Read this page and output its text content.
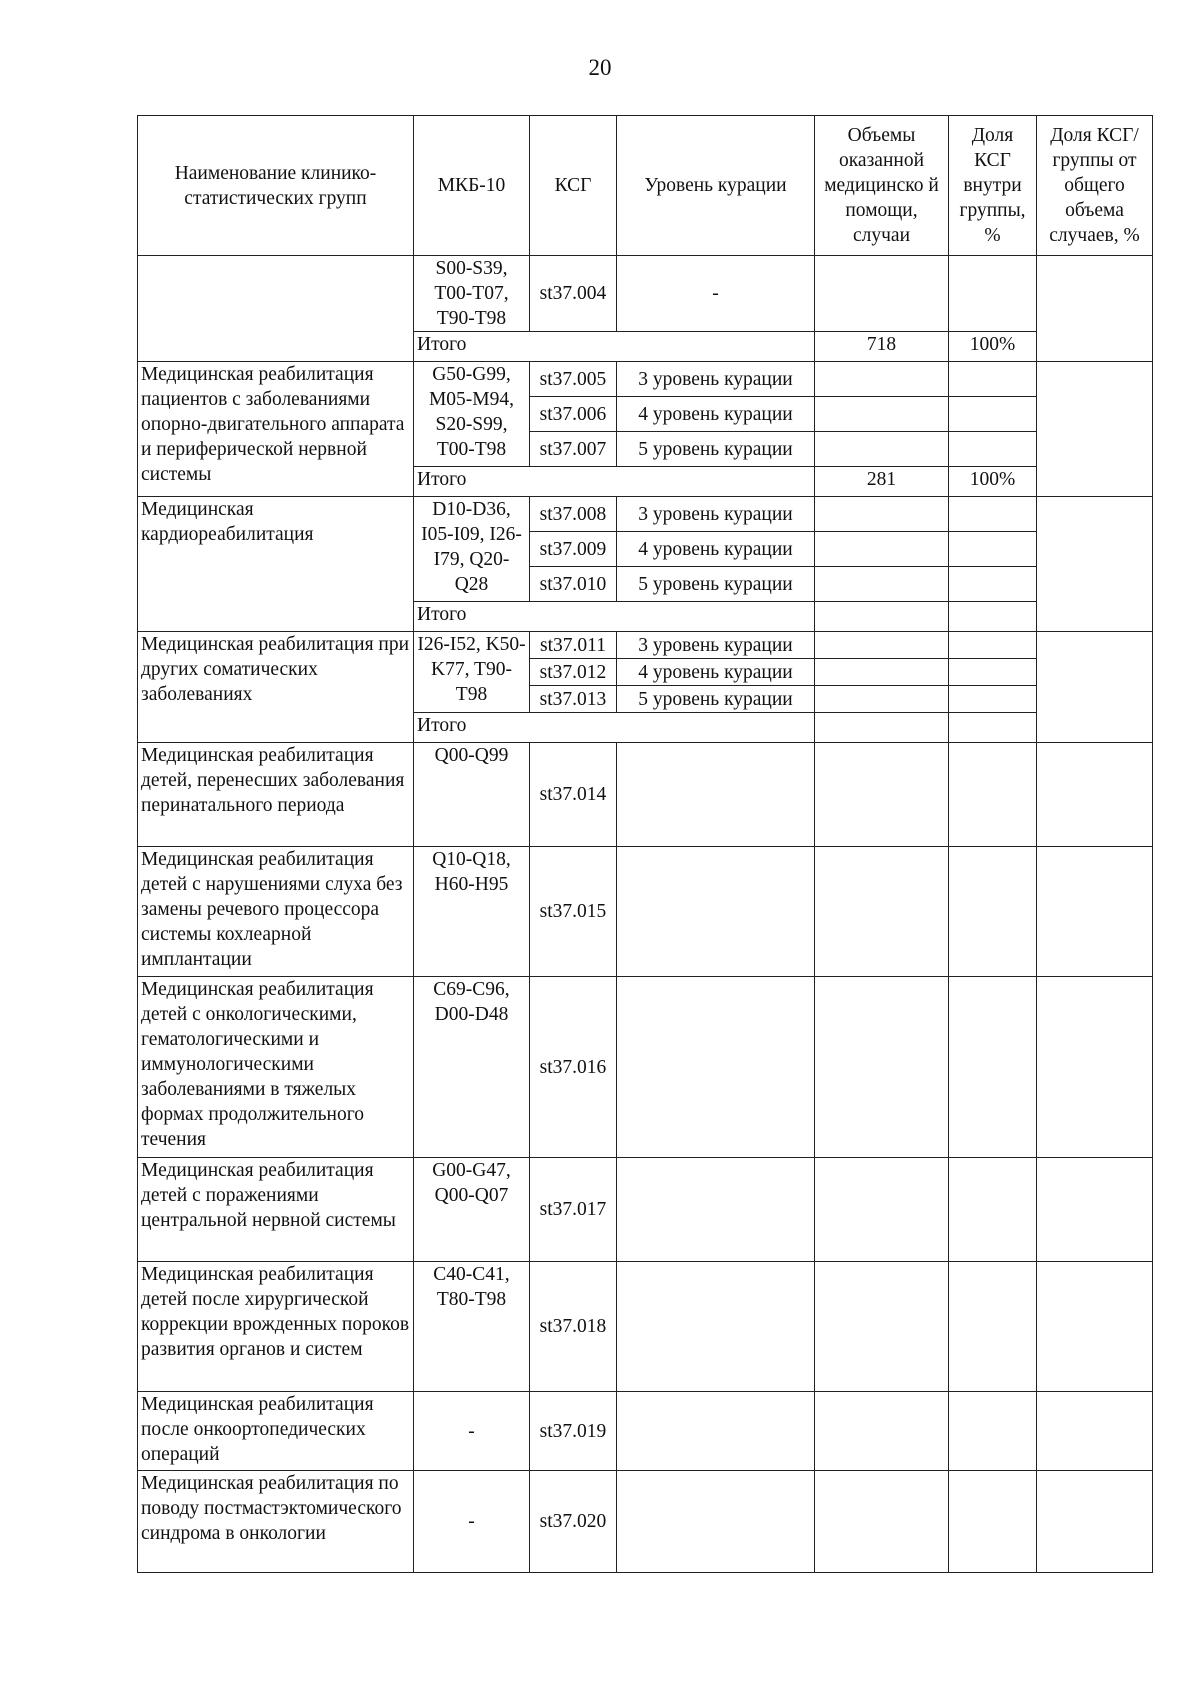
20
Наименование клинико-статистических групп	МКБ-10	КСГ	Уровень курации	Объемы оказанной медицинско й помощи, случаи	Доля КСГ внутри группы, %	Доля КСГ/ группы от общего объема случаев, %
	S00-S39, T00-T07, T90-T98	st37.004	-			
	Итого			718	100%	
Медицинская реабилитация пациентов с заболеваниями опорно-двигательного аппарата и периферической нервной системы	G50-G99, M05-M94, S20-S99, T00-T98	st37.005	3 уровень курации			
		st37.006	4 уровень курации			
		st37.007	5 уровень курации			
	Итого			281	100%	
Медицинская кардиореабилитация	D10-D36, I05-I09, I26-I79, Q20- Q28	st37.008	3 уровень курации			
		st37.009	4 уровень курации			
		st37.010	5 уровень курации			
	Итого					
Медицинская реабилитация при других соматических заболеваниях	I26-I52, K50-K77, T90-T98	st37.011	3 уровень курации			
		st37.012	4 уровень курации			
		st37.013	5 уровень курации			
	Итого					
Медицинская реабилитация детей, перенесших заболевания перинатального периода	Q00-Q99	st37.014				
Медицинская реабилитация детей с нарушениями слуха без замены речевого процессора системы кохлеарной имплантации	Q10-Q18, H60-H95	st37.015				
Медицинская реабилитация детей с онкологическими, гематологическими и иммунологическими заболеваниями в тяжелых формах продолжительного течения	C69-C96, D00-D48	st37.016				
Медицинская реабилитация детей с поражениями центральной нервной системы	G00-G47, Q00-Q07	st37.017				
Медицинская реабилитация детей после хирургической коррекции врожденных пороков развития органов и систем	C40-C41, T80-T98	st37.018				
Медицинская реабилитация после онкоортопедических операций	-	st37.019				
Медицинская реабилитация по поводу постмастэктомического синдрома в онкологии	-	st37.020				
